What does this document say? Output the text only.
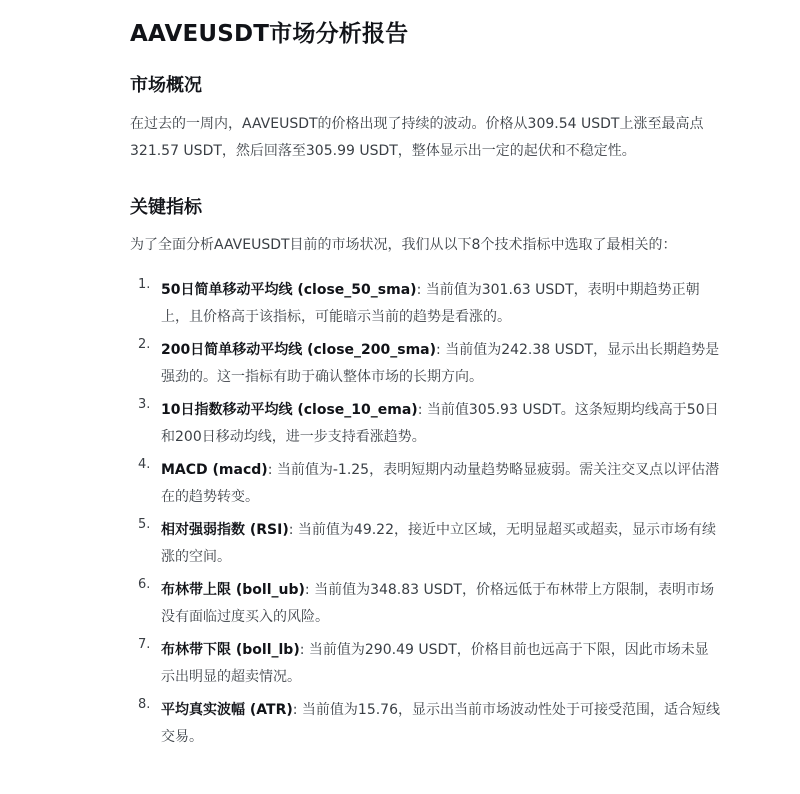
AAVEUSDT市场分析报告
市场概况

在过去的一周内，AAVEUSDT的价格出现了持续的波动。价格从309.54 USDT上涨至最高点321.57 USDT，然后回落至305.99 USDT，整体显示出一定的起伏和不稳定性。

关键指标

为了全面分析AAVEUSDT目前的市场状况，我们从以下8个技术指标中选取了最相关的：

1. 50日简单移动平均线 (close_50_sma): 当前值为301.63 USDT，表明中期趋势正朝上，且价格高于该指标，可能暗示当前的趋势是看涨的。
2. 200日简单移动平均线 (close_200_sma): 当前值为242.38 USDT，显示出长期趋势是强劲的。这一指标有助于确认整体市场的长期方向。
3. 10日指数移动平均线 (close_10_ema): 当前值305.93 USDT。这条短期均线高于50日和200日移动均线，进一步支持看涨趋势。
4. MACD (macd): 当前值为-1.25，表明短期内动量趋势略显疲弱。需关注交叉点以评估潜在的趋势转变。
5. 相对强弱指数 (RSI): 当前值为49.22，接近中立区域，无明显超买或超卖，显示市场有续涨的空间。
6. 布林带上限 (boll_ub): 当前值为348.83 USDT，价格远低于布林带上方限制，表明市场没有面临过度买入的风险。
7. 布林带下限 (boll_lb): 当前值为290.49 USDT，价格目前也远高于下限，因此市场未显示出明显的超卖情况。
8. 平均真实波幅 (ATR): 当前值为15.76，显示出当前市场波动性处于可接受范围，适合短线交易。
